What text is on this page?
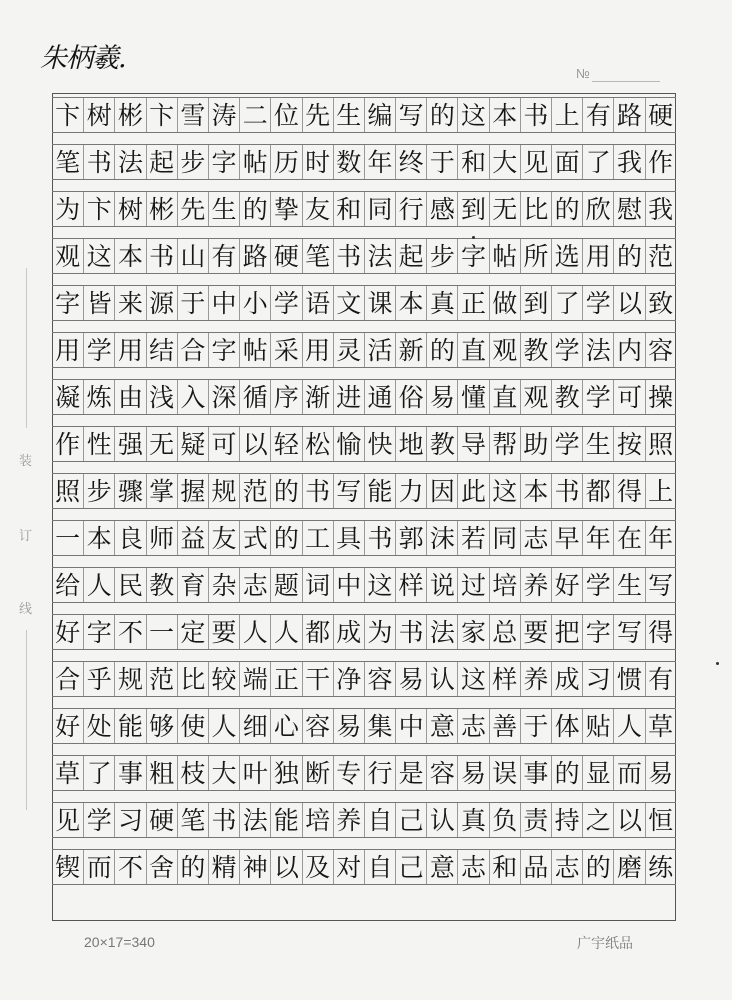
朱柄羲.	№
装
订
线
卞 树 彬 卞 雪 涛 二 位 先 生 编 写 的 这 本 书 上 有 路 硬
笔 书 法 起 步 字 帖 历 时 数 年 终 于 和 大 见 面 了 我 作
为 卞 树 彬 先 生 的 挚 友 和 同 行 感 到 无 比 的 欣 慰 我
观 这 本 书 山 有 路 硬 笔 书 法 起 步 字 帖 所 选 用 的 范
字 皆 来 源 于 中 小 学 语 文 课 本 真 正 做 到 了 学 以 致
用 学 用 结 合 字 帖 采 用 灵 活 新 的 直 观 教 学 法 内 容
凝 炼 由 浅 入 深 循 序 渐 进 通 俗 易 懂 直 观 教 学 可 操
作 性 强 无 疑 可 以 轻 松 愉 快 地 教 导 帮 助 学 生 按 照
照 步 骤 掌 握 规 范 的 书 写 能 力 因 此 这 本 书 都 得 上
一 本 良 师 益 友 式 的 工 具 书 郭 沫 若 同 志 早 年 在 年
给 人 民 教 育 杂 志 题 词 中 这 样 说 过 培 养 好 学 生 写
好 字 不 一 定 要 人 人 都 成 为 书 法 家 总 要 把 字 写 得
合 乎 规 范 比 较 端 正 干 净 容 易 认 这 样 养 成 习 惯 有
好 处 能 够 使 人 细 心 容 易 集 中 意 志 善 于 体 贴 人 草
草 了 事 粗 枝 大 叶 独 断 专 行 是 容 易 误 事 的 显 而 易
见 学 习 硬 笔 书 法 能 培 养 自 己 认 真 负 责 持 之 以 恒
锲 而 不 舍 的 精 神 以 及 对 自 己 意 志 和 品 志 的 磨 练
20×17=340	广宇纸品
